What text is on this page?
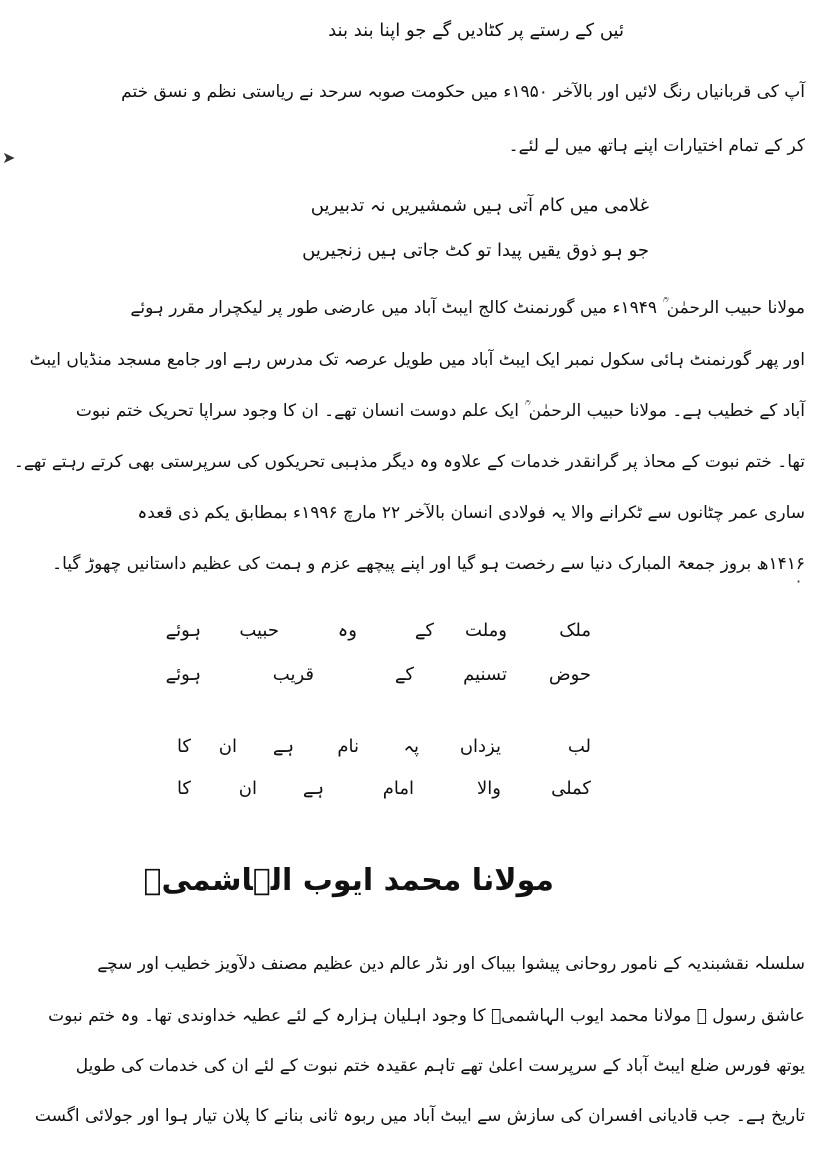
ئیں کے رستے پر کٹادیں گے جو اپنا بند بند

آپ کی قربانیاں رنگ لائیں اور بالآخر ۱۹۵۰ء میں حکومت صوبہ سرحد نے ریاستی نظم و نسق ختم

کر کے تمام اختیارات اپنے ہاتھ میں لے لئے۔

➤

غلامی میں کام آتی ہیں شمشیریں نہ تدبیریں

جو ہو ذوق یقیں پیدا تو کٹ جاتی ہیں زنجیریں

مولانا حبیب الرحمٰن ؒ ۱۹۴۹ء میں گورنمنٹ کالج ایبٹ آباد میں عارضی طور پر لیکچرار مقرر ہوئے

اور پھر گورنمنٹ ہائی سکول نمبر ایک ایبٹ آباد میں طویل عرصہ تک مدرس رہے اور جامع مسجد منڈیاں ایبٹ

آباد کے خطیب ہے۔ مولانا حبیب الرحمٰن ؒ ایک علم دوست انسان تھے۔ ان کا وجود سراپا تحریک ختم نبوت

تھا۔ ختم نبوت کے محاذ پر گرانقدر خدمات کے علاوہ وہ دیگر مذہبی تحریکوں کی سرپرستی بھی کرتے رہتے تھے۔

ساری عمر چٹانوں سے ٹکرانے والا یہ فولادی انسان بالآخر ۲۲ مارچ ۱۹۹۶ء بمطابق یکم ذی قعدہ

۱۴۱۶ھ بروز جمعۃ المبارک دنیا سے رخصت ہو گیا اور اپنے پیچھے عزم و ہمت کی عظیم داستانیں چھوڑ گیا۔

·
ملک
وملت
کے
وہ
حبیب
ہوئے
حوض
تسنیم
کے
قریب
ہوئے
لب
یزداں
پہ
نام
ہے
ان
کا
کملی
والا
امام
ہے
ان
کا
مولانا محمد ایوب الہاشمیؒ

سلسلہ نقشبندیہ کے نامور روحانی پیشوا بیباک اور نڈر عالم دین عظیم مصنف دلآویز خطیب اور سچے

عاشق رسول ﷺ مولانا محمد ایوب الہاشمیؒ کا وجود اہلیان ہزارہ کے لئے عطیہ خداوندی تھا۔ وہ ختم نبوت

یوتھ فورس ضلع ایبٹ آباد کے سرپرست اعلیٰ تھے تاہم عقیدہ ختم نبوت کے لئے ان کی خدمات کی طویل

تاریخ ہے۔ جب قادیانی افسران کی سازش سے ایبٹ آباد میں ربوہ ثانی بنانے کا پلان تیار ہوا اور جولائی اگست
